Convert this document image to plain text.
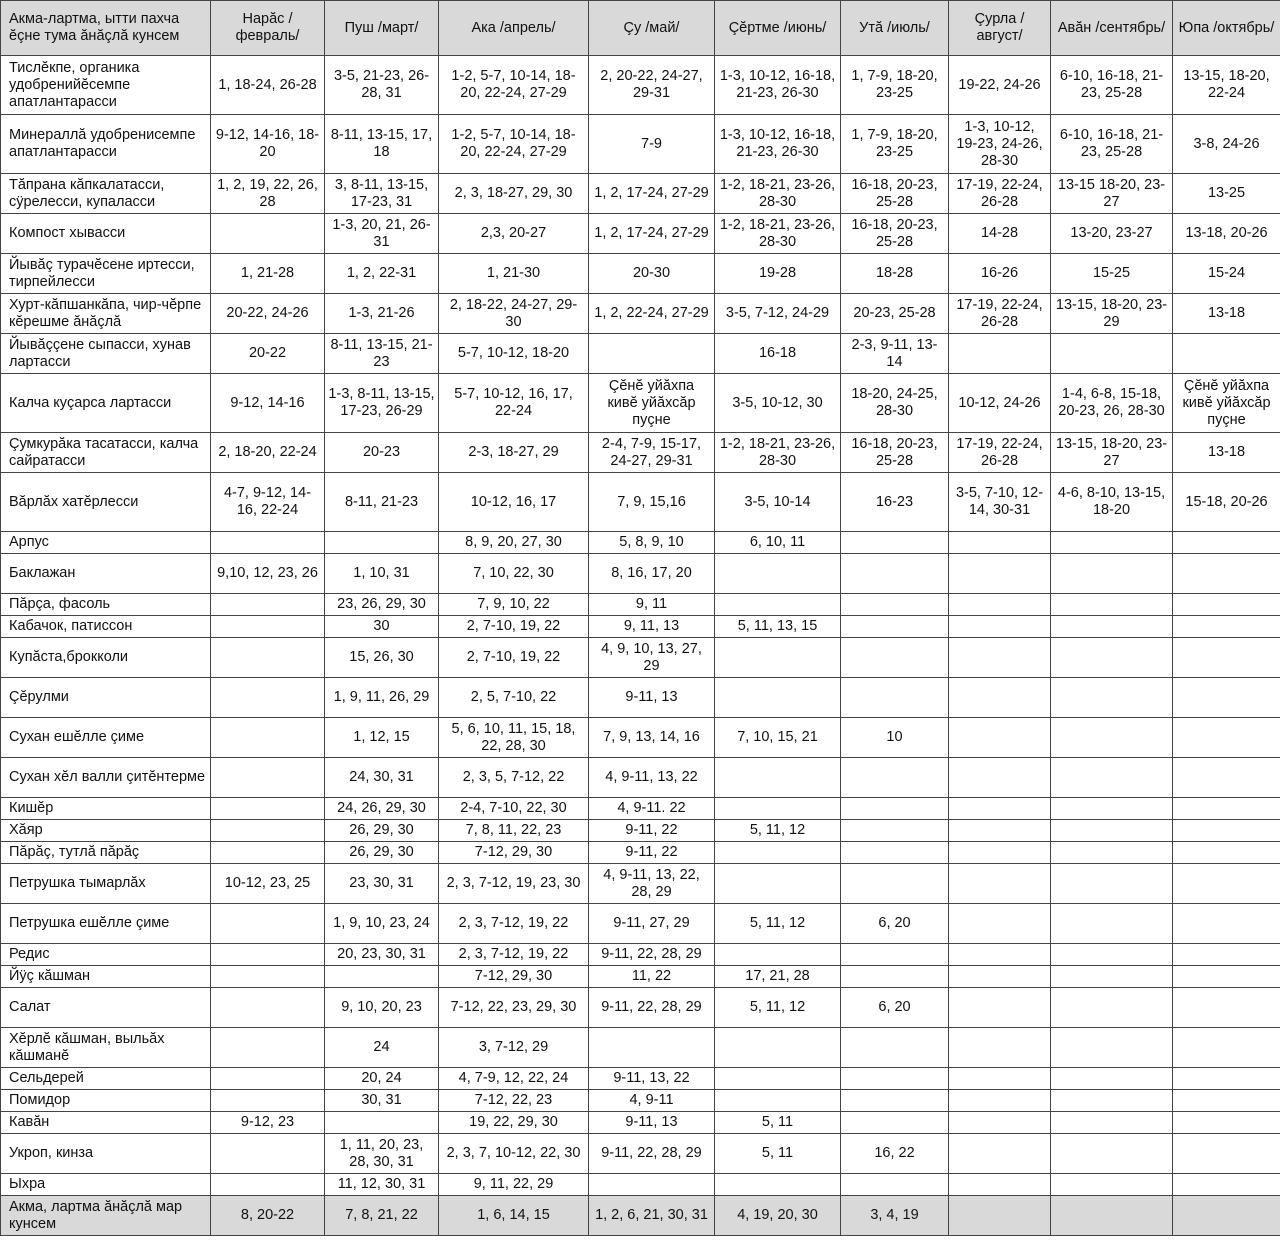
Акма-лартма, ытти пахча ĕçне тума ăнăçлă кунсем	Нарăс /февраль/	Пуш /март/	Ака /апрель/	Çу /май/	Çĕртме /июнь/	Утă /июль/	Çурла /август/	Авăн /сентябрь/	Юпа /октябрь/
Тислĕкпе, органика удобренийĕсемпе апатлантарасси	1, 18-24, 26-28	3-5, 21-23, 26-28, 31	1-2, 5-7, 10-14, 18-20, 22-24, 27-29	2, 20-22, 24-27, 29-31	1-3, 10-12, 16-18, 21-23, 26-30	1, 7-9, 18-20, 23-25	19-22, 24-26	6-10, 16-18, 21-23, 25-28	13-15, 18-20, 22-24
Минераллă удобренисемпе апатлантарасси	9-12, 14-16, 18-20	8-11, 13-15, 17, 18	1-2, 5-7, 10-14, 18-20, 22-24, 27-29	7-9	1-3, 10-12, 16-18, 21-23, 26-30	1, 7-9, 18-20, 23-25	1-3, 10-12, 19-23, 24-26, 28-30	6-10, 16-18, 21-23, 25-28	3-8, 24-26
Тăпрана кăпкалатасси, сÿрелесси, купаласси	1, 2, 19, 22, 26, 28	3, 8-11, 13-15, 17-23, 31	2, 3, 18-27, 29, 30	1, 2, 17-24, 27-29	1-2, 18-21, 23-26, 28-30	16-18, 20-23, 25-28	17-19, 22-24, 26-28	13-15 18-20, 23-27	13-25
Компост хывасси		1-3, 20, 21, 26-31	2,3, 20-27	1, 2, 17-24, 27-29	1-2, 18-21, 23-26, 28-30	16-18, 20-23, 25-28	14-28	13-20, 23-27	13-18, 20-26
Йывăç турачĕсене иртесси, тирпейлесси	1, 21-28	1, 2, 22-31	1, 21-30	20-30	19-28	18-28	16-26	15-25	15-24
Хурт-кăпшанкăпа, чир-чĕрпе кĕрешме ăнăçлă	20-22, 24-26	1-3, 21-26	2, 18-22, 24-27, 29-30	1, 2, 22-24, 27-29	3-5, 7-12, 24-29	20-23, 25-28	17-19, 22-24, 26-28	13-15, 18-20, 23-29	13-18
Йывăççене сыпасси, хунав лартасси	20-22	8-11, 13-15, 21-23	5-7, 10-12, 18-20		16-18	2-3, 9-11, 13-14			
Калча куçарса лартасси	9-12, 14-16	1-3, 8-11, 13-15, 17-23, 26-29	5-7, 10-12, 16, 17, 22-24	Çĕнĕ уйăхпа кивĕ уйăхсăр пуçне	3-5, 10-12, 30	18-20, 24-25, 28-30	10-12, 24-26	1-4, 6-8, 15-18, 20-23, 26, 28-30	Çĕнĕ уйăхпа кивĕ уйăхсăр пуçне
Çумкурăка тасатасси, калча сайратасси	2, 18-20, 22-24	20-23	2-3, 18-27, 29	2-4, 7-9, 15-17, 24-27, 29-31	1-2, 18-21, 23-26, 28-30	16-18, 20-23, 25-28	17-19, 22-24, 26-28	13-15, 18-20, 23-27	13-18
Вăрлăх хатĕрлесси	4-7, 9-12, 14-16, 22-24	8-11, 21-23	10-12, 16, 17	7, 9, 15,16	3-5, 10-14	16-23	3-5, 7-10, 12-14, 30-31	4-6, 8-10, 13-15, 18-20	15-18, 20-26
Арпус			8, 9, 20, 27, 30	5, 8, 9, 10	6, 10, 11				
Баклажан	9,10, 12, 23, 26	1, 10, 31	7, 10, 22, 30	8, 16, 17, 20					
Пăрçа, фасоль		23, 26, 29, 30	7, 9, 10, 22	9, 11					
Кабачок, патиссон		30	2, 7-10, 19, 22	9, 11, 13	5, 11, 13, 15				
Купăста,брокколи		15, 26, 30	2, 7-10, 19, 22	4, 9, 10, 13, 27, 29					
Çĕрулми		1, 9, 11, 26, 29	2, 5, 7-10, 22	9-11, 13					
Сухан ешĕлле çиме		1, 12, 15	5, 6, 10, 11, 15, 18, 22, 28, 30	7, 9, 13, 14, 16	7, 10, 15, 21	10			
Сухан хĕл валли çитĕнтерме		24, 30, 31	2, 3, 5, 7-12, 22	4, 9-11, 13, 22					
Кишĕр		24, 26, 29, 30	2-4, 7-10, 22, 30	4, 9-11. 22					
Хăяр		26, 29, 30	7, 8, 11, 22, 23	9-11, 22	5, 11, 12				
Пăрăç, тутлă пăрăç		26, 29, 30	7-12, 29, 30	9-11, 22					
Петрушка тымарлăх	10-12, 23, 25	23, 30, 31	2, 3, 7-12, 19, 23, 30	4, 9-11, 13, 22, 28, 29					
Петрушка ешĕлле çиме		1, 9, 10, 23, 24	2, 3, 7-12, 19, 22	9-11, 27, 29	5, 11, 12	6, 20			
Редис		20, 23, 30, 31	2, 3, 7-12, 19, 22	9-11, 22, 28, 29					
Йÿç кăшман			7-12, 29, 30	11, 22	17, 21, 28				
Салат		9, 10, 20, 23	7-12, 22, 23, 29, 30	9-11, 22, 28, 29	5, 11, 12	6, 20			
Хĕрлĕ кăшман, выльăх кăшманĕ		24	3, 7-12, 29						
Сельдерей		20, 24	4, 7-9, 12, 22, 24	9-11, 13, 22					
Помидор		30, 31	7-12, 22, 23	4, 9-11					
Кавăн	9-12, 23		19, 22, 29, 30	9-11, 13	5, 11				
Укроп, кинза		1, 11, 20, 23, 28, 30, 31	2, 3, 7, 10-12, 22, 30	9-11, 22, 28, 29	5, 11	16, 22			
Ыхра		11, 12, 30, 31	9, 11, 22, 29						
Акма, лартма ăнăçлă мар кунсем	8, 20-22	7, 8, 21, 22	1, 6, 14, 15	1, 2, 6, 21, 30, 31	4, 19, 20, 30	3, 4, 19			
